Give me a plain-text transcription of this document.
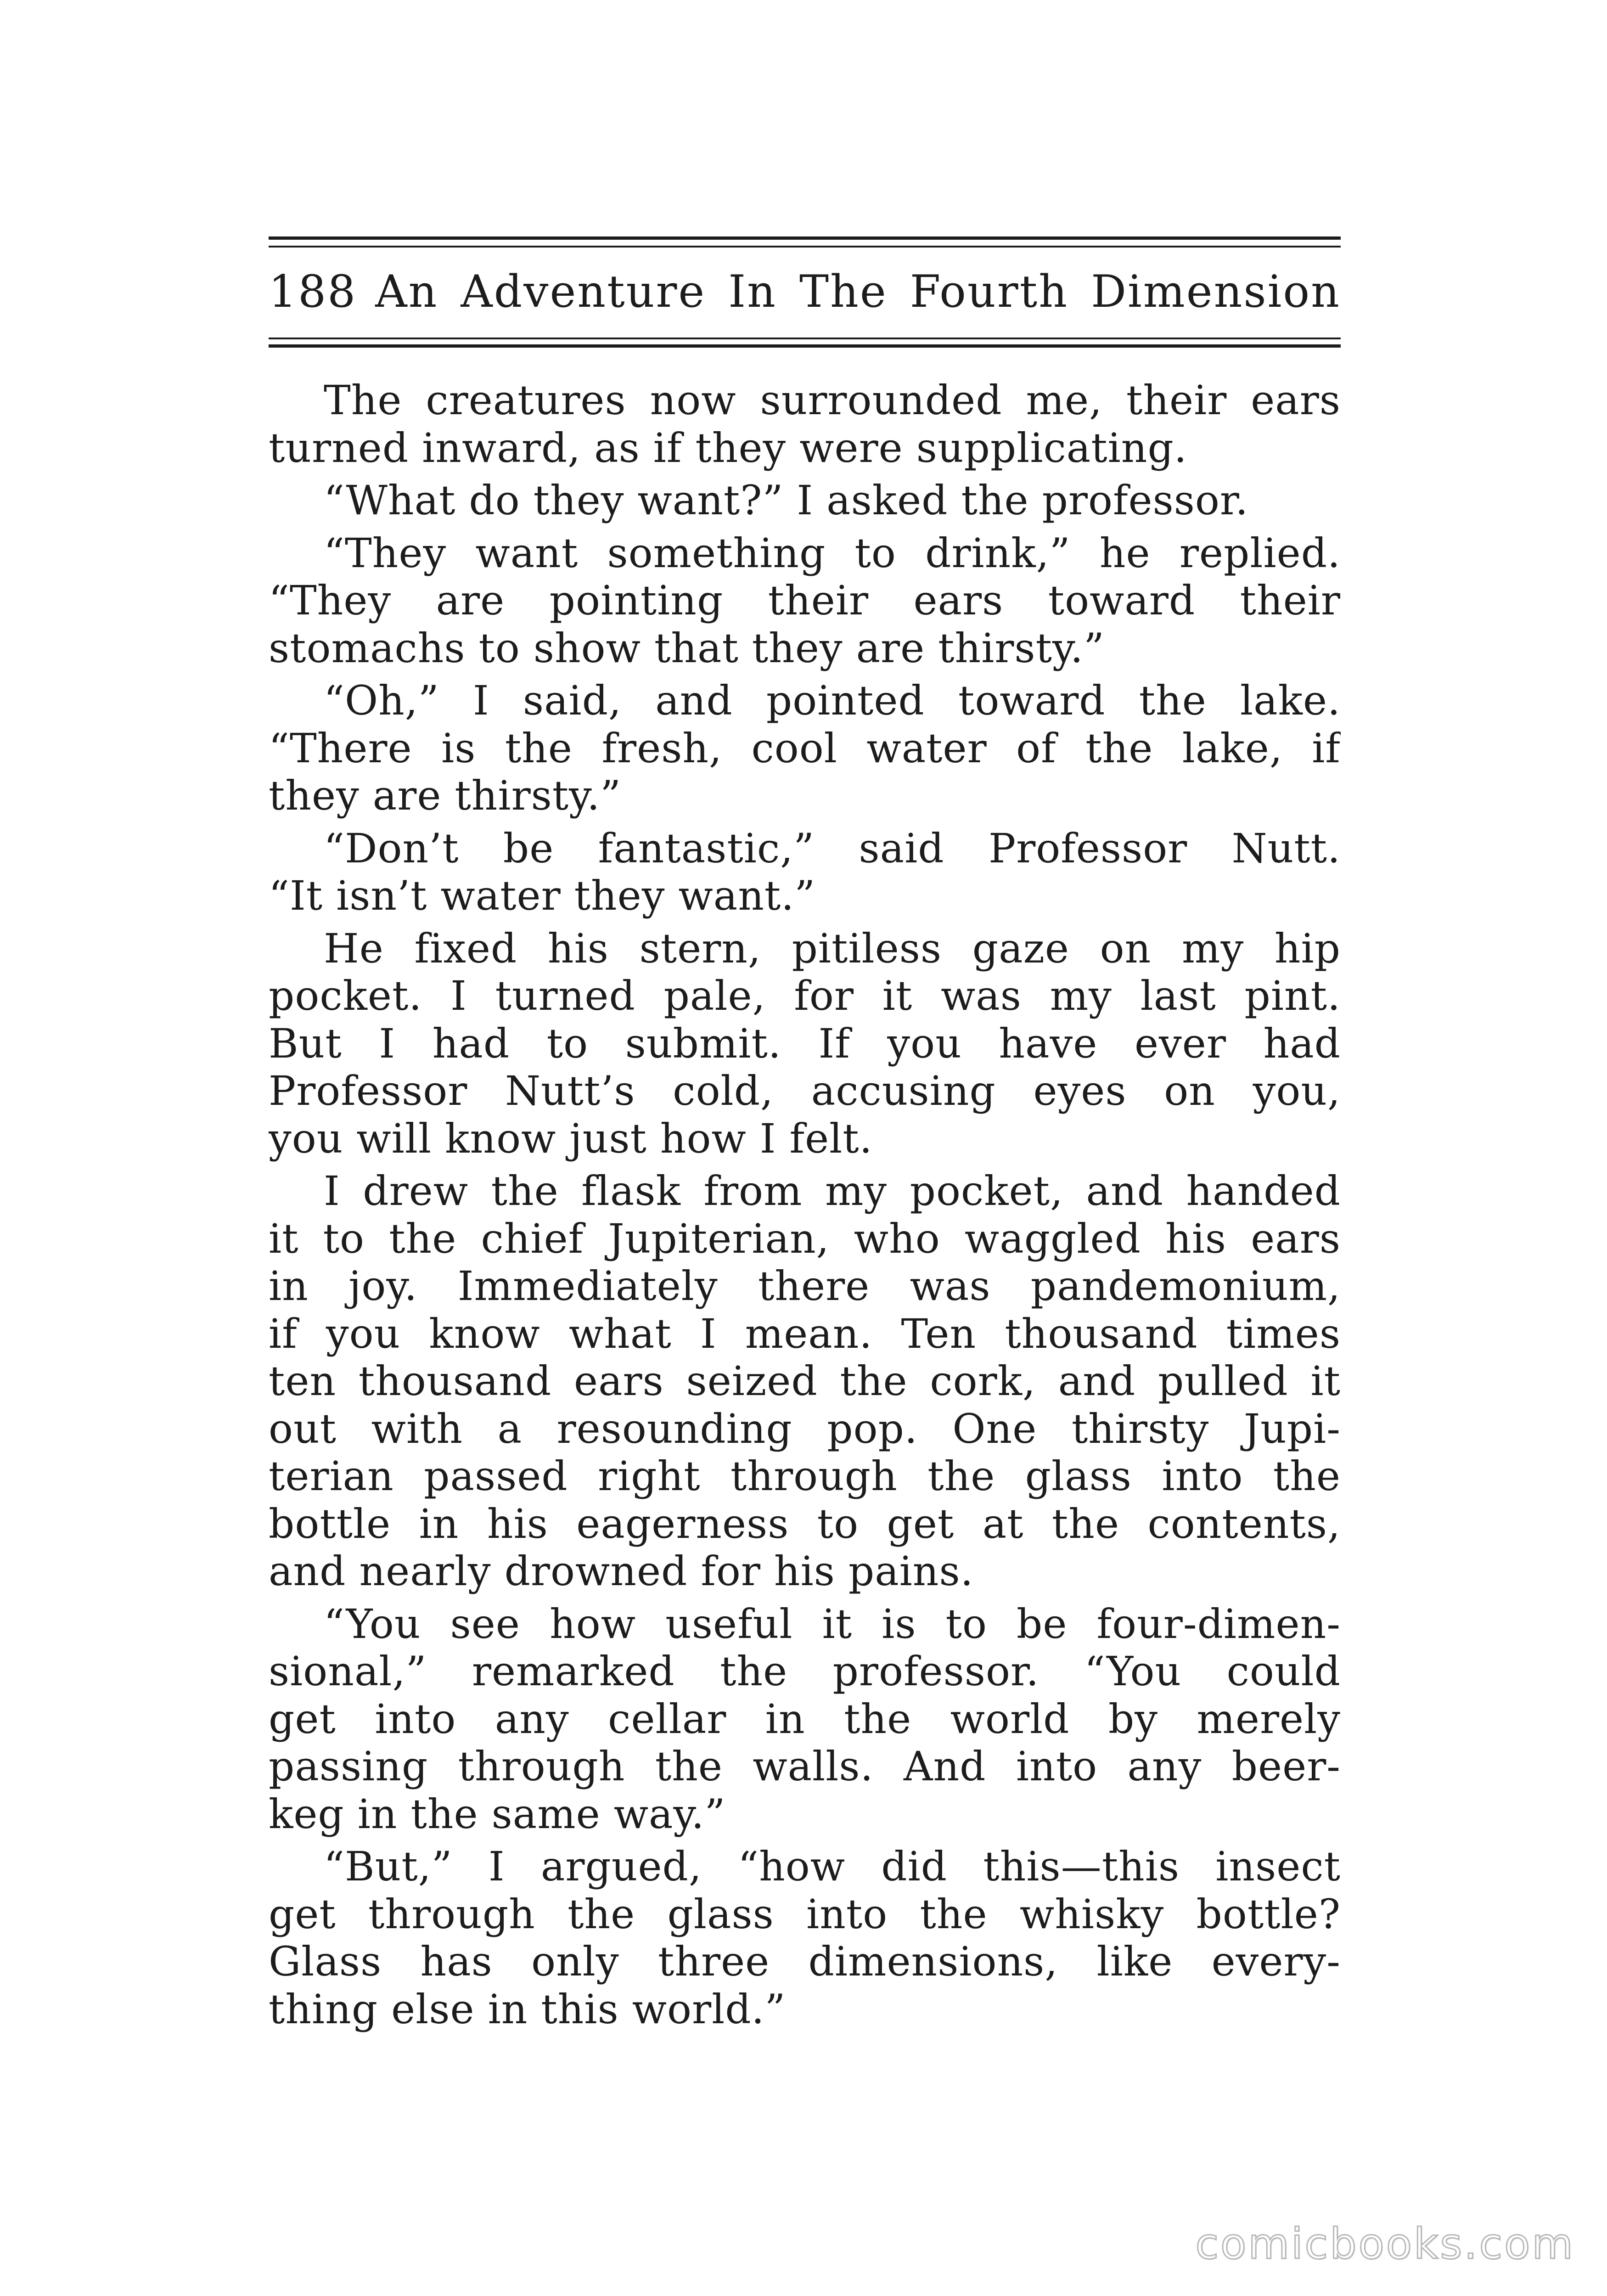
188 An Adventure In The Fourth Dimension
The creatures now surrounded me, their ears
turned inward, as if they were supplicating.
“What do they want?” I asked the professor.
“They want something to drink,” he replied.
“They are pointing their ears toward their
stomachs to show that they are thirsty.”
“Oh,” I said, and pointed toward the lake.
“There is the fresh, cool water of the lake, if
they are thirsty.”
“Don’t be fantastic,” said Professor Nutt.
“It isn’t water they want.”
He fixed his stern, pitiless gaze on my hip
pocket. I turned pale, for it was my last pint.
But I had to submit. If you have ever had
Professor Nutt’s cold, accusing eyes on you,
you will know just how I felt.
I drew the flask from my pocket, and handed
it to the chief Jupiterian, who waggled his ears
in joy. Immediately there was pandemonium,
if you know what I mean. Ten thousand times
ten thousand ears seized the cork, and pulled it
out with a resounding pop. One thirsty Jupi-
terian passed right through the glass into the
bottle in his eagerness to get at the contents,
and nearly drowned for his pains.
“You see how useful it is to be four-dimen-
sional,” remarked the professor. “You could
get into any cellar in the world by merely
passing through the walls. And into any beer-
keg in the same way.”
“But,” I argued, “how did this—this insect
get through the glass into the whisky bottle?
Glass has only three dimensions, like every-
thing else in this world.”
comicbooks.com
